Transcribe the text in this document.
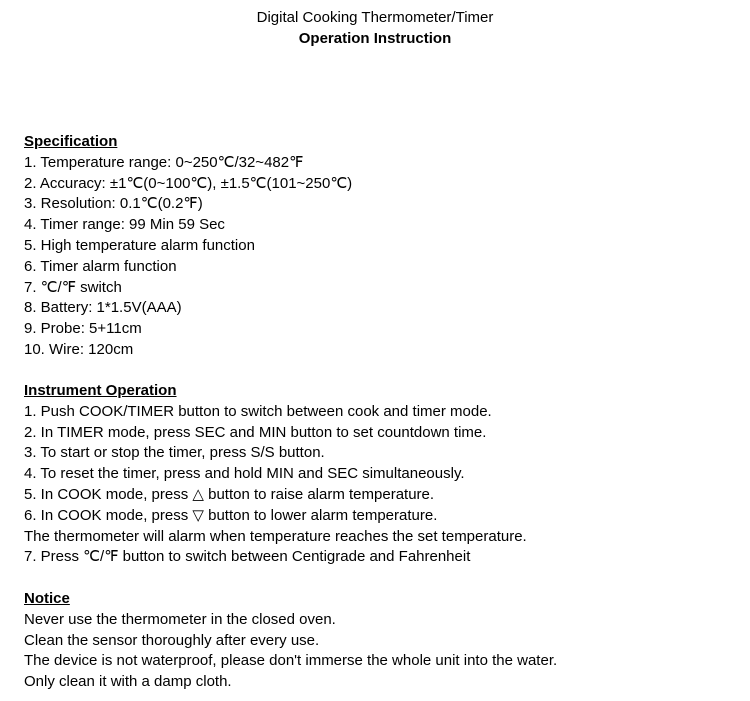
Digital Cooking Thermometer/Timer
Operation Instruction
Specification
1. Temperature range: 0~250℃/32~482℉
2. Accuracy: ±1℃(0~100℃), ±1.5℃(101~250℃)
3. Resolution: 0.1℃(0.2℉)
4. Timer range: 99 Min 59 Sec
5. High temperature alarm function
6. Timer alarm function
7. ℃/℉ switch
8. Battery: 1*1.5V(AAA)
9. Probe: 5+11cm
10. Wire: 120cm
Instrument Operation
1. Push COOK/TIMER button to switch between cook and timer mode.
2. In TIMER mode, press SEC and MIN button to set countdown time.
3. To start or stop the timer, press S/S button.
4. To reset the timer, press and hold MIN and SEC simultaneously.
5. In COOK mode, press △ button to raise alarm temperature.
6. In COOK mode, press ▽ button to lower alarm temperature.
The thermometer will alarm when temperature reaches the set temperature.
7. Press ℃/℉ button to switch between Centigrade and Fahrenheit
Notice
Never use the thermometer in the closed oven.
Clean the sensor thoroughly after every use.
The device is not waterproof, please don't immerse the whole unit into the water.
Only clean it with a damp cloth.
